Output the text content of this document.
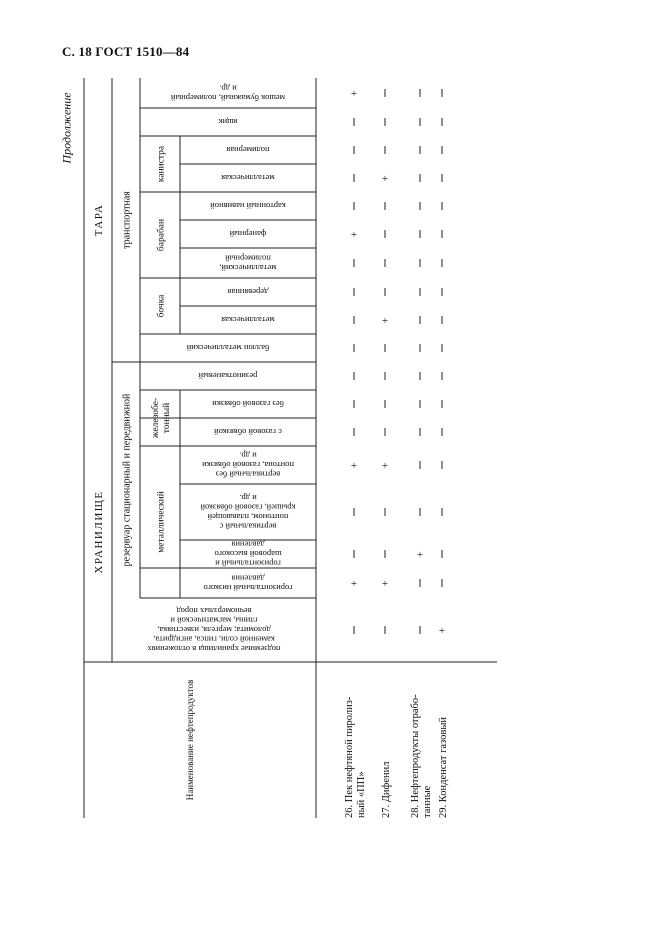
С. 18 ГОСТ 1510—84
Продолжение
ХРАНИЛИЩЕ
ТАРА
резервуар стационарный и передвижной
транспортная
металлический
железобе-тонный
бочка
барабан
канистра
подземные хранилища в отложенияхкаменной соли, гипса, ангидрита,доломита; мергеля, известняка,глины, магматической ивечномерзлых пород
горизонтальный низкогодавления
горизонтальный ишаровой высокогодавления
вертикальный спонтоном, плавающейкрышей, газовой обвязкойи др.
вертикальный безпонтона, газовой обвязкии др.
с газовой обвязкой
без газовой обвязки
резинотканевый
баллон металлический
металлическая
деревянная
металлический,полимерный
фанерный
картонный навивной
металлическая
полимерная
ящик
мешок бумажный, полимерныйи др.
Наименование нефтепродуктов	26. Пек нефтяной пиролиз-ный «ПП» 27. Дифенил 28. Нефтепродукты отрабо-танные 29. Конденсат газовый
+
+
+
+
+
+
+
+
+
+
